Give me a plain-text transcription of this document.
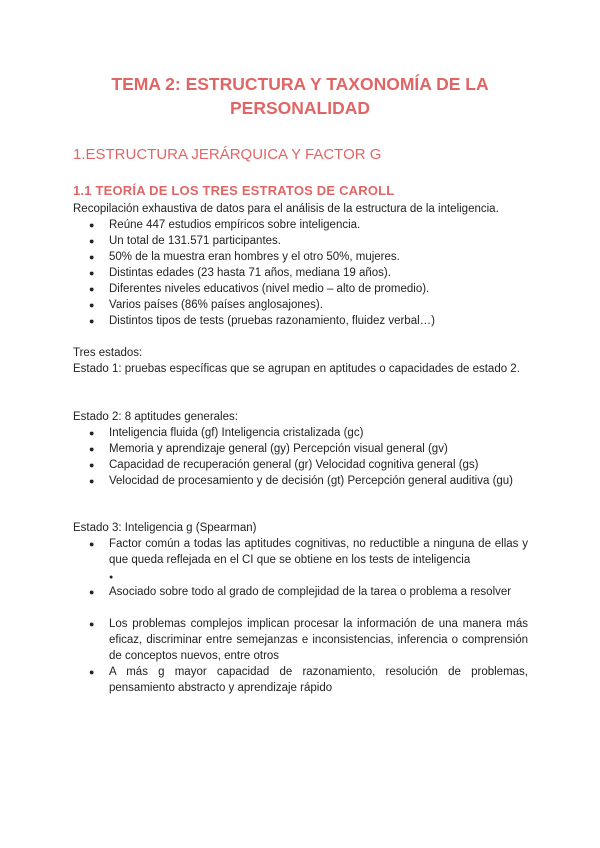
TEMA 2: ESTRUCTURA Y TAXONOMÍA DE LA PERSONALIDAD
1.ESTRUCTURA JERÁRQUICA Y FACTOR G
1.1 TEORÍA DE LOS TRES ESTRATOS DE CAROLL

Recopilación exhaustiva de datos para el análisis de la estructura de la inteligencia.

● Reúne 447 estudios empíricos sobre inteligencia.
● Un total de 131.571 participantes.
● 50% de la muestra eran hombres y el otro 50%, mujeres.
● Distintas edades (23 hasta 71 años, mediana 19 años).
● Diferentes niveles educativos (nivel medio – alto de promedio).
● Varios países (86% países anglosajones).
● Distintos tipos de tests (pruebas razonamiento, fluidez verbal…)

Tres estados:

Estado 1: pruebas específicas que se agrupan en aptitudes o capacidades de estado 2.

Estado 2: 8 aptitudes generales:

● Inteligencia fluida (gf) Inteligencia cristalizada (gc)
● Memoria y aprendizaje general (gy) Percepción visual general (gv)
● Capacidad de recuperación general (gr) Velocidad cognitiva general (gs)
● Velocidad de procesamiento y de decisión (gt) Percepción general auditiva (gu)

Estado 3: Inteligencia g (Spearman)

● Factor común a todas las aptitudes cognitivas, no reductible a ninguna de ellas y que queda reflejada en el CI que se obtiene en los tests de inteligencia
●
● Asociado sobre todo al grado de complejidad de la tarea o problema a resolver
● Los problemas complejos implican procesar la información de una manera más eficaz, discriminar entre semejanzas e inconsistencias, inferencia o comprensión de conceptos nuevos, entre otros
● A más g mayor capacidad de razonamiento, resolución de problemas, pensamiento abstracto y aprendizaje rápido
